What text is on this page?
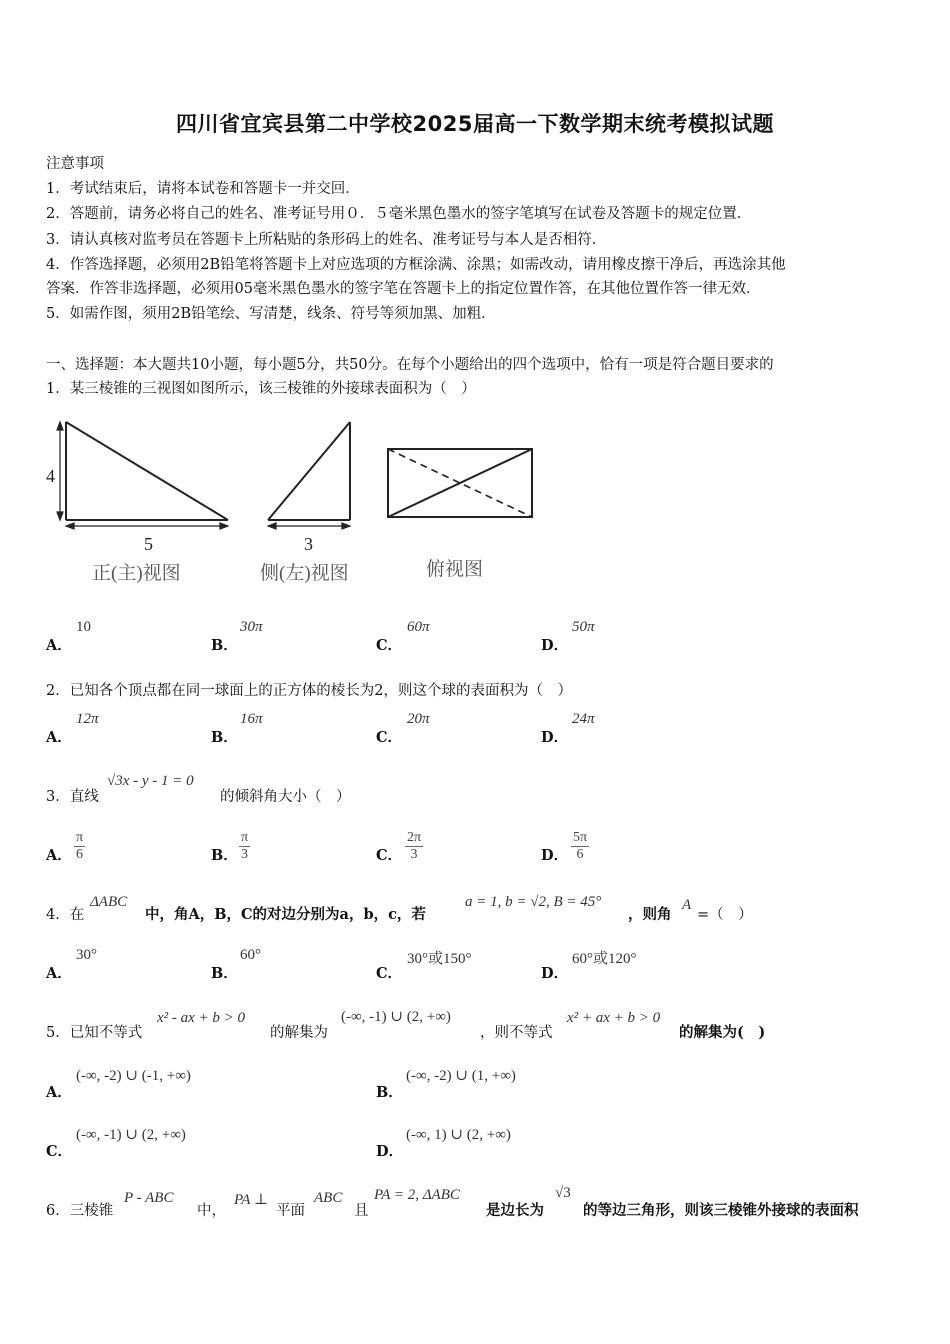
四川省宜宾县第二中学校2025届高一下数学期末统考模拟试题
注意事项
1．考试结束后，请将本试卷和答题卡一并交回．
2．答题前，请务必将自己的姓名、准考证号用０．５毫米黑色墨水的签字笔填写在试卷及答题卡的规定位置．
3．请认真核对监考员在答题卡上所粘贴的条形码上的姓名、准考证号与本人是否相符．
4．作答选择题，必须用2B铅笔将答题卡上对应选项的方框涂满、涂黑；如需改动，请用橡皮擦干净后，再选涂其他
答案．作答非选择题，必须用05毫米黑色墨水的签字笔在答题卡上的指定位置作答，在其他位置作答一律无效．
5．如需作图，须用2B铅笔绘、写清楚，线条、符号等须加黑、加粗．
一、选择题：本大题共10小题，每小题5分，共50分。在每个小题给出的四个选项中，恰有一项是符合题目要求的
1．某三棱锥的三视图如图所示，该三棱锥的外接球表面积为（　）
4
5
正(主)视图
3
侧(左)视图	俯视图
A．
10
B．
30π
C．
60π
D．
50π
2．已知各个顶点都在同一球面上的正方体的棱长为2，则这个球的表面积为（　）
A．
12π
B．
16π
C．
20π
D．
24π
3．直线
√3x - y - 1 = 0
的倾斜角大小（　）
A． $\frac{\pi}{6}$	B． $\frac{\pi}{3}$	C． $\frac{2\pi}{3}$	D． $\frac{5\pi}{6}$
4．在
ΔABC
中，角A，B，C的对边分别为a，b，c，若
a = 1, b = √2, B = 45°
，则角
A
=（　）
A．
30°
B．
60°
C．
30°或150°
D．
60°或120°
5．已知不等式
x² - ax + b > 0
的解集为
(-∞, -1) ∪ (2, +∞)
，则不等式
x² + ax + b > 0
的解集为(　)
A．
(-∞, -2) ∪ (-1, +∞)
B．
(-∞, -2) ∪ (1, +∞)
C．
(-∞, -1) ∪ (2, +∞)
D．
(-∞, 1) ∪ (2, +∞)
6．三棱锥
P - ABC
中，
PA ⊥
平面
ABC
且
PA = 2, ΔABC
是边长为
√3
的等边三角形，则该三棱锥外接球的表面积
